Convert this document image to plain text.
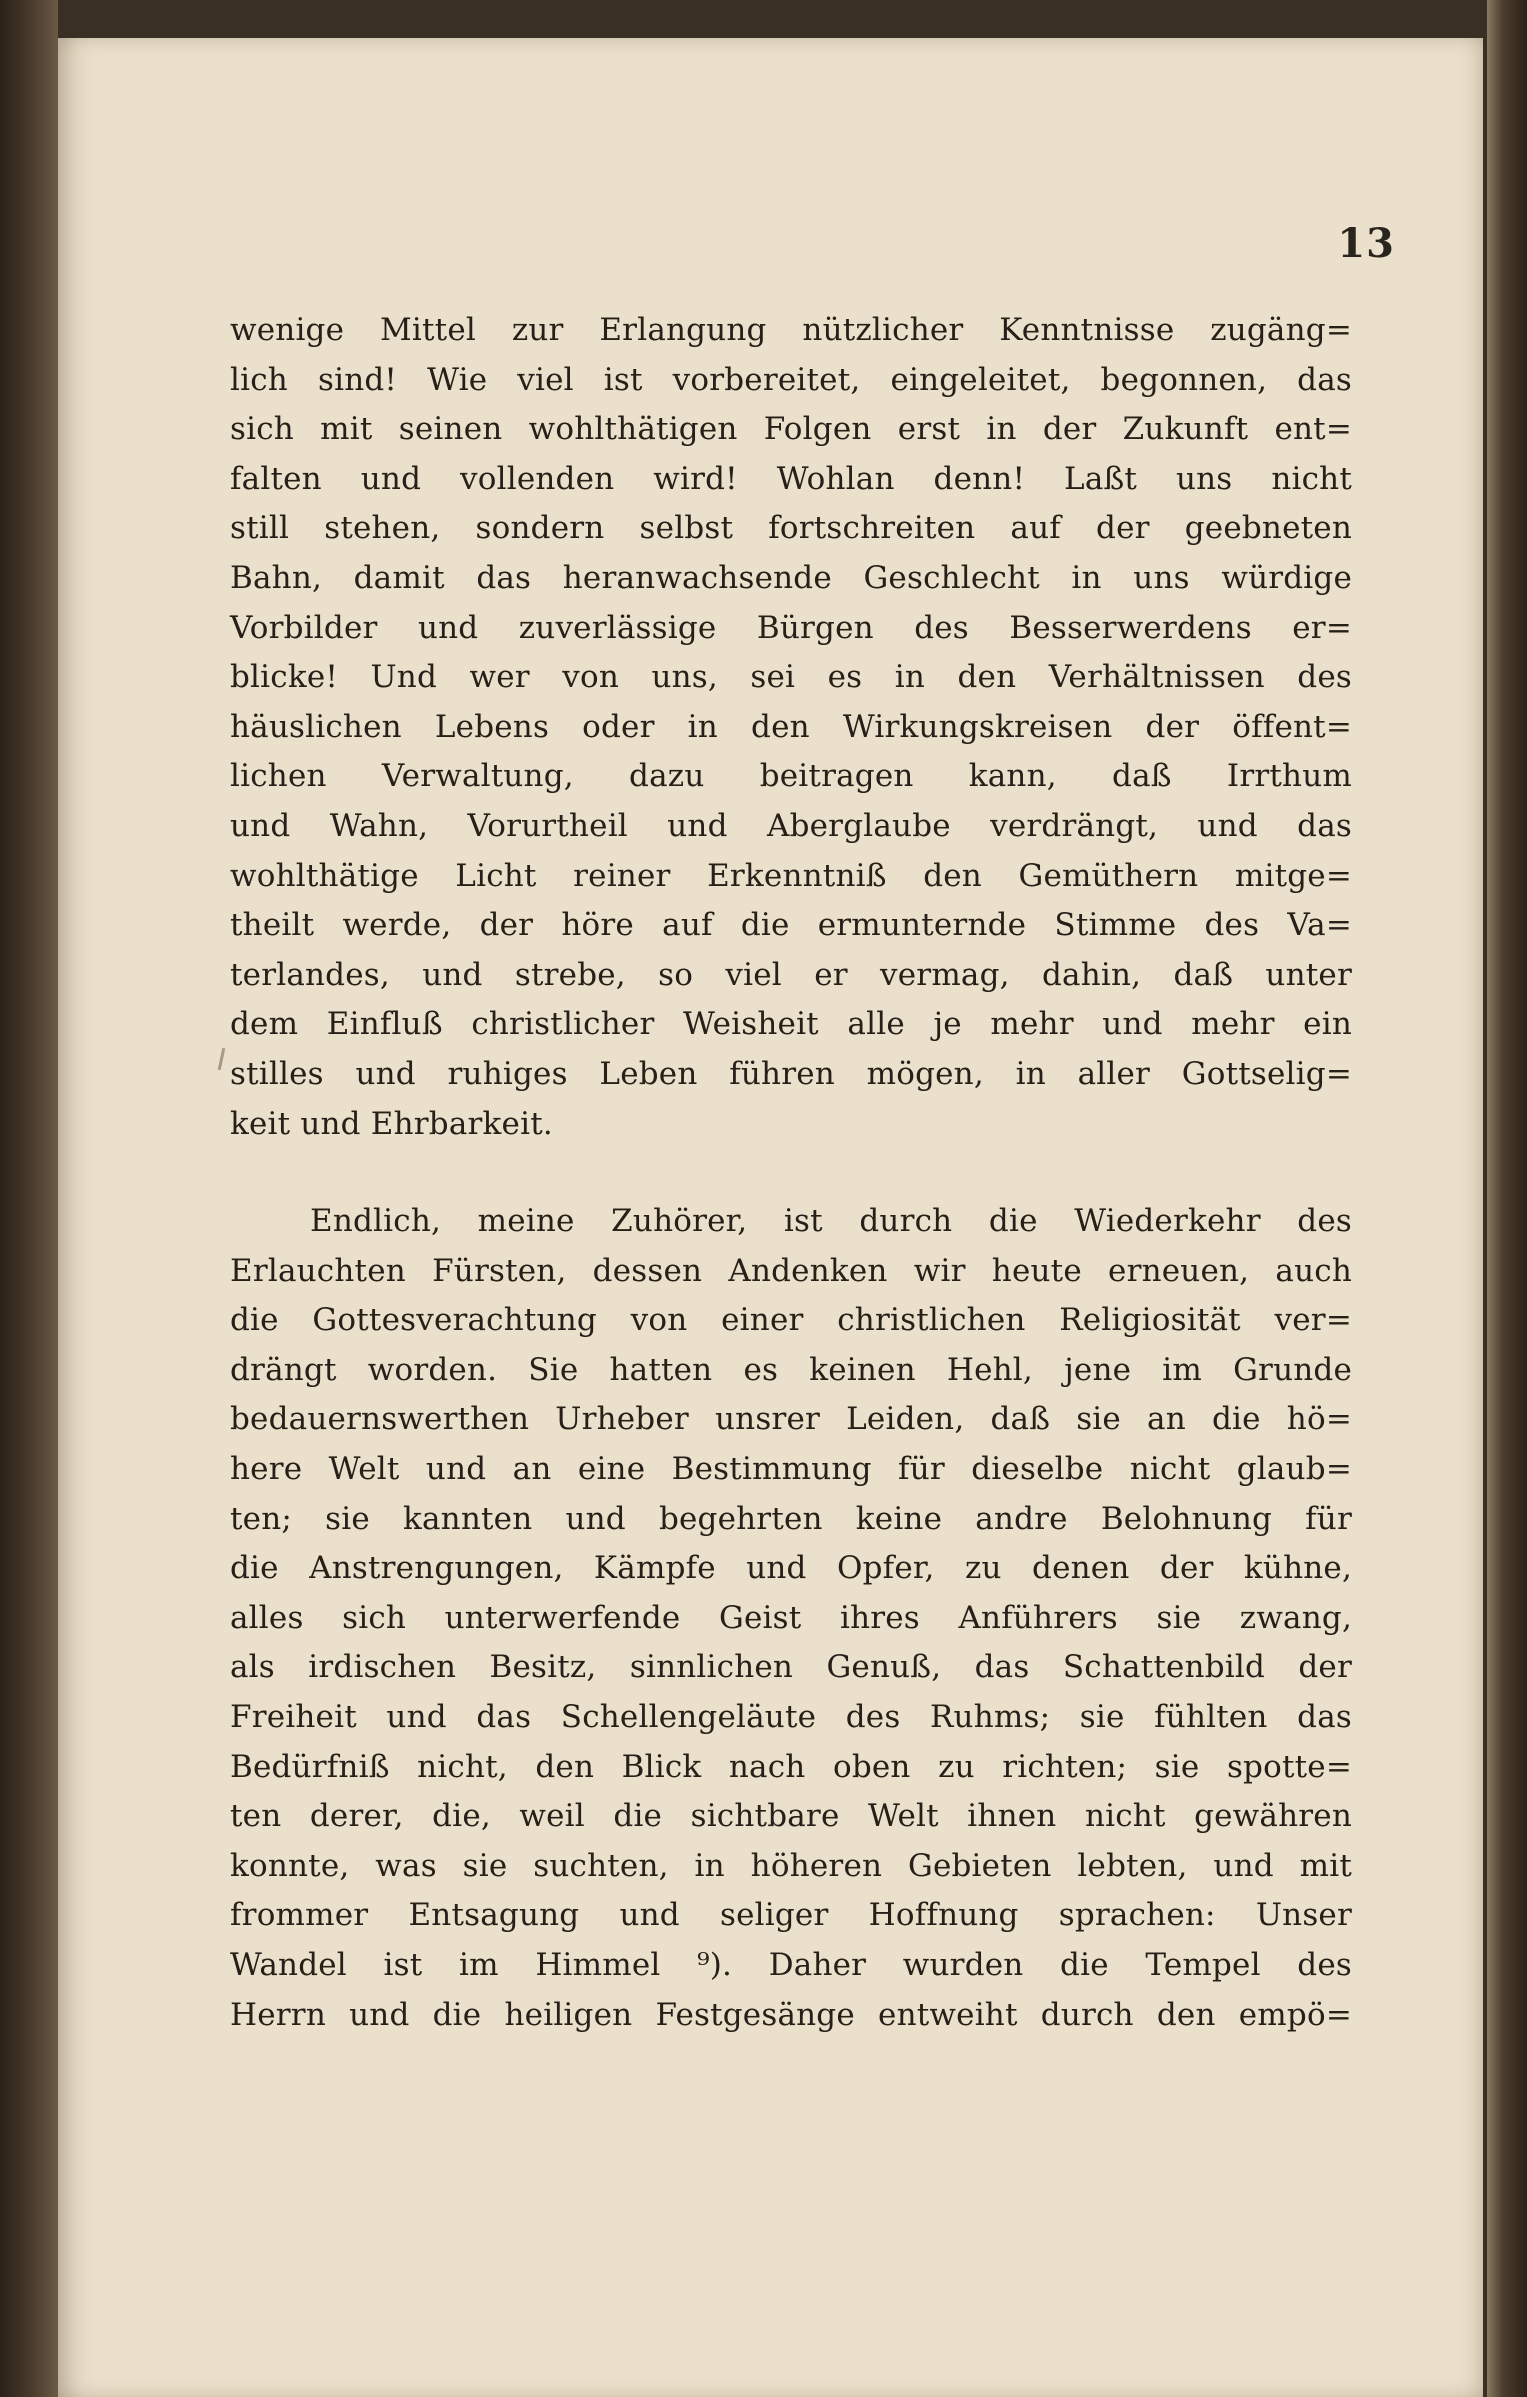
13
wenige Mittel zur Erlangung nützlicher Kenntnisse zugäng=
lich sind! Wie viel ist vorbereitet, eingeleitet, begonnen, das
sich mit seinen wohlthätigen Folgen erst in der Zukunft ent=
falten und vollenden wird! Wohlan denn! Laßt uns nicht
still stehen, sondern selbst fortschreiten auf der geebneten
Bahn, damit das heranwachsende Geschlecht in uns würdige
Vorbilder und zuverlässige Bürgen des Besserwerdens er=
blicke! Und wer von uns, sei es in den Verhältnissen des
häuslichen Lebens oder in den Wirkungskreisen der öffent=
lichen Verwaltung, dazu beitragen kann, daß Irrthum
und Wahn, Vorurtheil und Aberglaube verdrängt, und das
wohlthätige Licht reiner Erkenntniß den Gemüthern mitge=
theilt werde, der höre auf die ermunternde Stimme des Va=
terlandes, und strebe, so viel er vermag, dahin, daß unter
dem Einfluß christlicher Weisheit alle je mehr und mehr ein
stilles und ruhiges Leben führen mögen, in aller Gottselig=
keit und Ehrbarkeit.
Endlich, meine Zuhörer, ist durch die Wiederkehr des
Erlauchten Fürsten, dessen Andenken wir heute erneuen, auch
die Gottesverachtung von einer christlichen Religiosität ver=
drängt worden. Sie hatten es keinen Hehl, jene im Grunde
bedauernswerthen Urheber unsrer Leiden, daß sie an die hö=
here Welt und an eine Bestimmung für dieselbe nicht glaub=
ten; sie kannten und begehrten keine andre Belohnung für
die Anstrengungen, Kämpfe und Opfer, zu denen der kühne,
alles sich unterwerfende Geist ihres Anführers sie zwang,
als irdischen Besitz, sinnlichen Genuß, das Schattenbild der
Freiheit und das Schellengeläute des Ruhms; sie fühlten das
Bedürfniß nicht, den Blick nach oben zu richten; sie spotte=
ten derer, die, weil die sichtbare Welt ihnen nicht gewähren
konnte, was sie suchten, in höheren Gebieten lebten, und mit
frommer Entsagung und seliger Hoffnung sprachen: Unser
Wandel ist im Himmel ⁹). Daher wurden die Tempel des
Herrn und die heiligen Festgesänge entweiht durch den empö=
